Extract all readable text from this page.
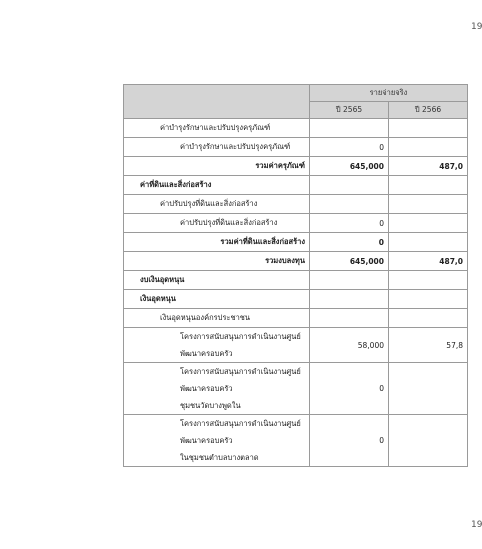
19
	รายจ่ายจริง	
	ปี 2565	ปี 2566
ค่าบำรุงรักษาและปรับปรุงครุภัณฑ์		
ค่าบำรุงรักษาและปรับปรุงครุภัณฑ์	0	
รวมค่าครุภัณฑ์	645,000	487,0
ค่าที่ดินและสิ่งก่อสร้าง		
ค่าปรับปรุงที่ดินและสิ่งก่อสร้าง		
ค่าปรับปรุงที่ดินและสิ่งก่อสร้าง	0	
รวมค่าที่ดินและสิ่งก่อสร้าง	0	
รวมงบลงทุน	645,000	487,0
งบเงินอุดหนุน		
เงินอุดหนุน		
เงินอุดหนุนองค์กรประชาชน		

โครงการสนับสนุนการดำเนินงานศูนย์
พัฒนาครอบครัว	58,000	57,8

โครงการสนับสนุนการดำเนินงานศูนย์
พัฒนาครอบครัว
ชุมชนวัดบางพูดใน	0	

โครงการสนับสนุนการดำเนินงานศูนย์
พัฒนาครอบครัว
ในชุมชนตำบลบางตลาด	0	
19
